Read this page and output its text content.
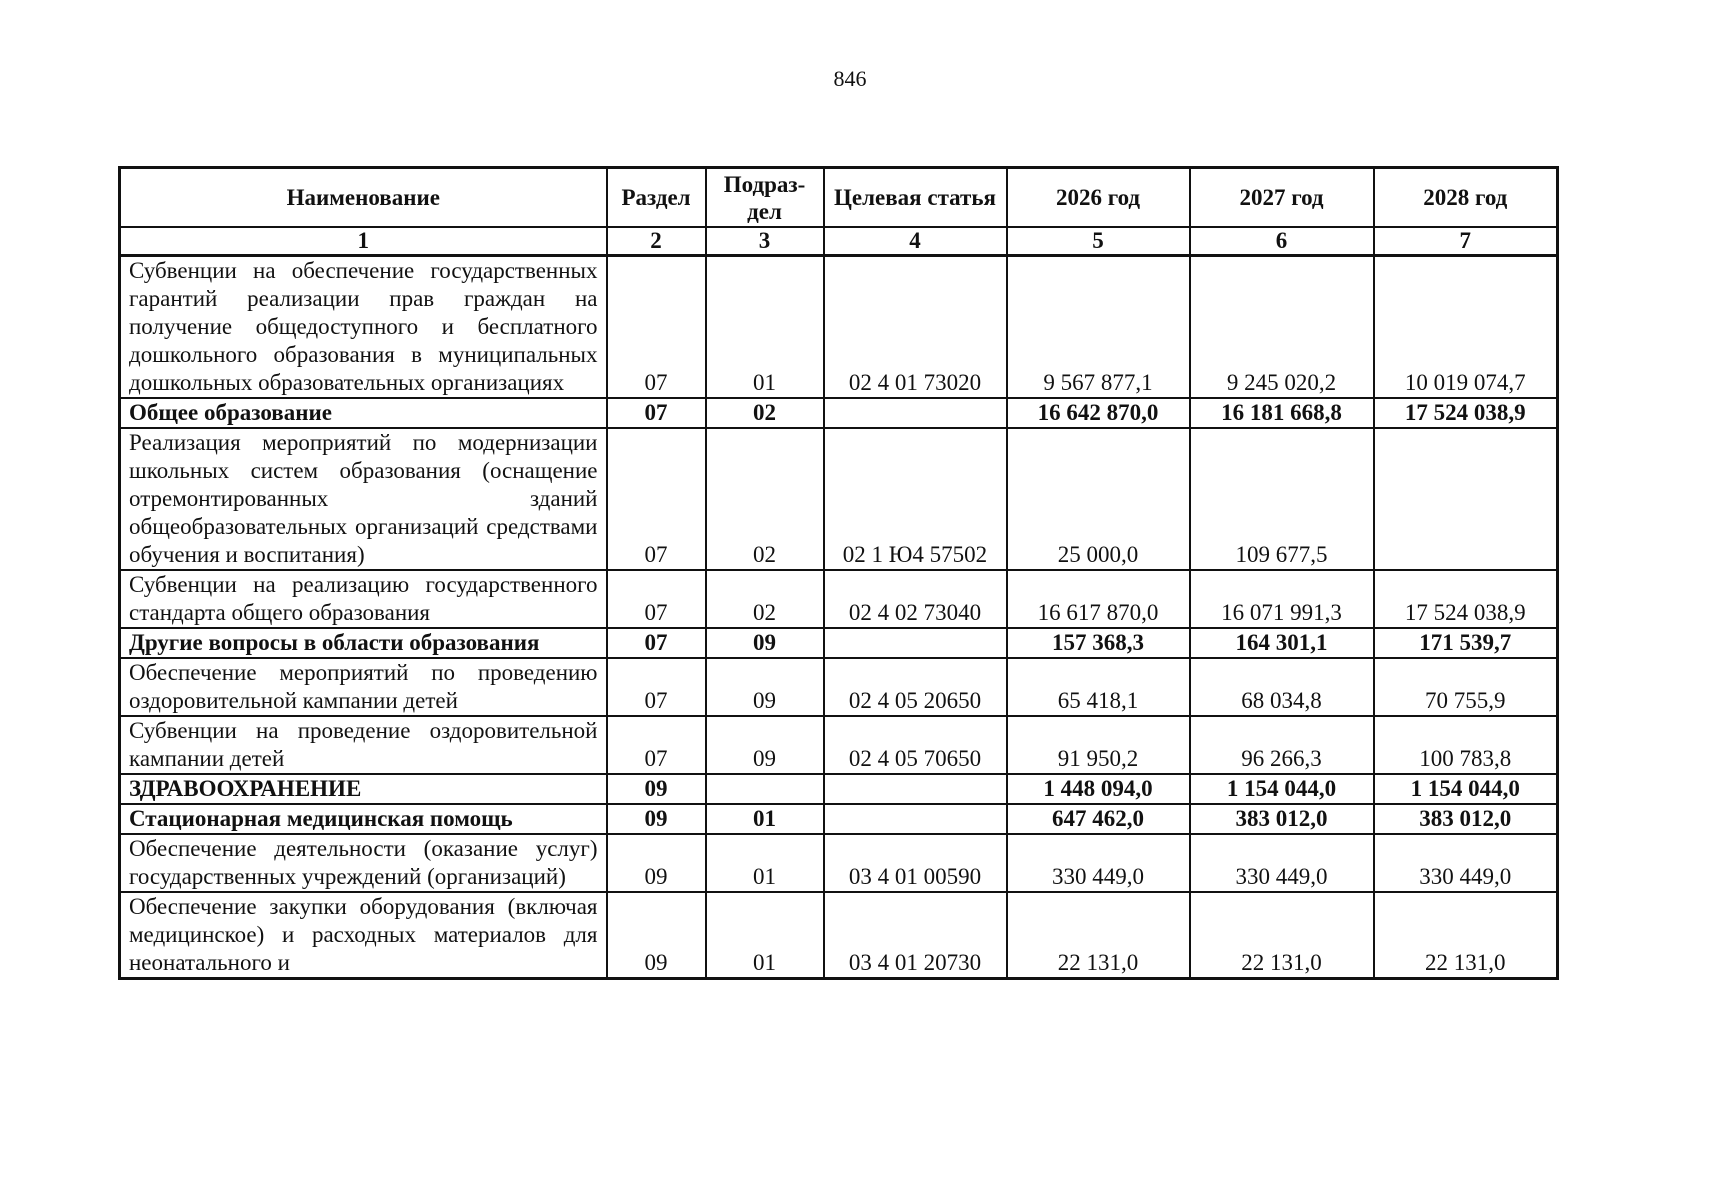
846
Наименование	Раздел	Подраз-дел	Целевая статья	2026 год	2027 год	2028 год
1	2	3	4	5	6	7
Субвенции на обеспечение государственных гарантий реализации прав граждан на получение общедоступного и бесплатного дошкольного образования в муниципальных дошкольных образовательных организациях	07	01	02 4 01 73020	9 567 877,1	9 245 020,2	10 019 074,7
Общее образование	07	02		16 642 870,0	16 181 668,8	17 524 038,9
Реализация мероприятий по модернизации школьных систем образования (оснащение отремонтированных зданий общеобразовательных организаций средствами обучения и воспитания)	07	02	02 1 Ю4 57502	25 000,0	109 677,5	
Субвенции на реализацию государственного стандарта общего образования	07	02	02 4 02 73040	16 617 870,0	16 071 991,3	17 524 038,9
Другие вопросы в области образования	07	09		157 368,3	164 301,1	171 539,7
Обеспечение мероприятий по проведению оздоровительной кампании детей	07	09	02 4 05 20650	65 418,1	68 034,8	70 755,9
Субвенции на проведение оздоровительной кампании детей	07	09	02 4 05 70650	91 950,2	96 266,3	100 783,8
ЗДРАВООХРАНЕНИЕ	09			1 448 094,0	1 154 044,0	1 154 044,0
Стационарная медицинская помощь	09	01		647 462,0	383 012,0	383 012,0
Обеспечение деятельности (оказание услуг) государственных учреждений (организаций)	09	01	03 4 01 00590	330 449,0	330 449,0	330 449,0
Обеспечение закупки оборудования (включая медицинское) и расходных материалов для неонатального и	09	01	03 4 01 20730	22 131,0	22 131,0	22 131,0
